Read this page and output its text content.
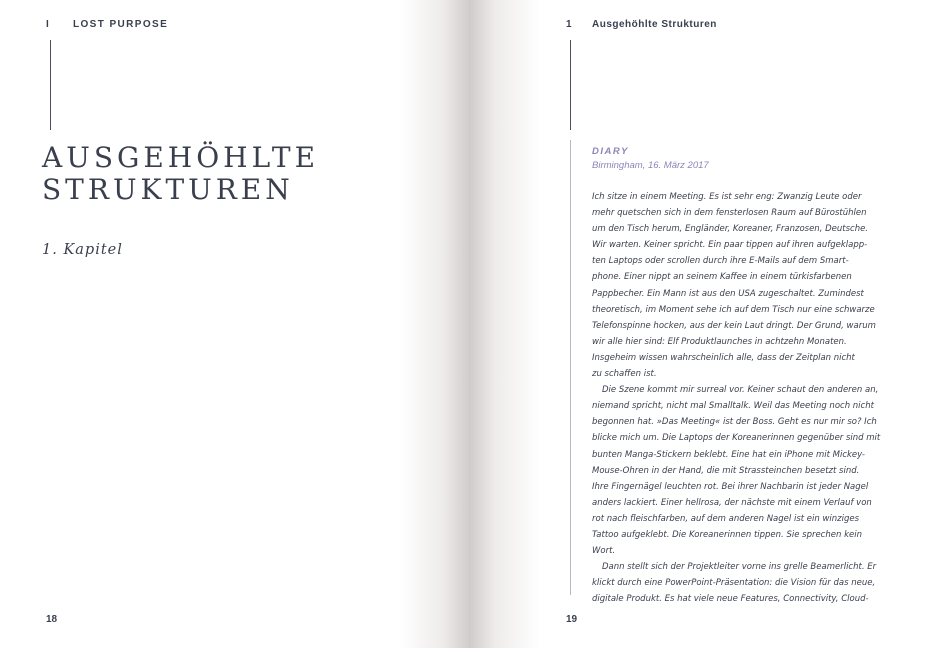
I LOST PURPOSE
AUSGEHÖHLTE
STRUKTUREN
1. Kapitel
18
1 Ausgehöhlte Strukturen
DIARY
Birmingham, 16. März 2017
Ich sitze in einem Meeting. Es ist sehr eng: Zwanzig Leute oder
mehr quetschen sich in dem fensterlosen Raum auf Bürostühlen
um den Tisch herum, Engländer, Koreaner, Franzosen, Deutsche.
Wir warten. Keiner spricht. Ein paar tippen auf ihren aufgeklapp-
ten Laptops oder scrollen durch ihre E-Mails auf dem Smart-
phone. Einer nippt an seinem Kaffee in einem türkisfarbenen
Pappbecher. Ein Mann ist aus den USA zugeschaltet. Zumindest
theoretisch, im Moment sehe ich auf dem Tisch nur eine schwarze
Telefonspinne hocken, aus der kein Laut dringt. Der Grund, warum
wir alle hier sind: Elf Produktlaunches in achtzehn Monaten.
Insgeheim wissen wahrscheinlich alle, dass der Zeitplan nicht
zu schaffen ist.
Die Szene kommt mir surreal vor. Keiner schaut den anderen an,
niemand spricht, nicht mal Smalltalk. Weil das Meeting noch nicht
begonnen hat. »Das Meeting« ist der Boss. Geht es nur mir so? Ich
blicke mich um. Die Laptops der Koreanerinnen gegenüber sind mit
bunten Manga-Stickern beklebt. Eine hat ein iPhone mit Mickey-
Mouse-Ohren in der Hand, die mit Strassteinchen besetzt sind.
Ihre Fingernägel leuchten rot. Bei ihrer Nachbarin ist jeder Nagel
anders lackiert. Einer hellrosa, der nächste mit einem Verlauf von
rot nach fleischfarben, auf dem anderen Nagel ist ein winziges
Tattoo aufgeklebt. Die Koreanerinnen tippen. Sie sprechen kein
Wort.
Dann stellt sich der Projektleiter vorne ins grelle Beamerlicht. Er
klickt durch eine PowerPoint-Präsentation: die Vision für das neue,
digitale Produkt. Es hat viele neue Features, Connectivity, Cloud-
19
